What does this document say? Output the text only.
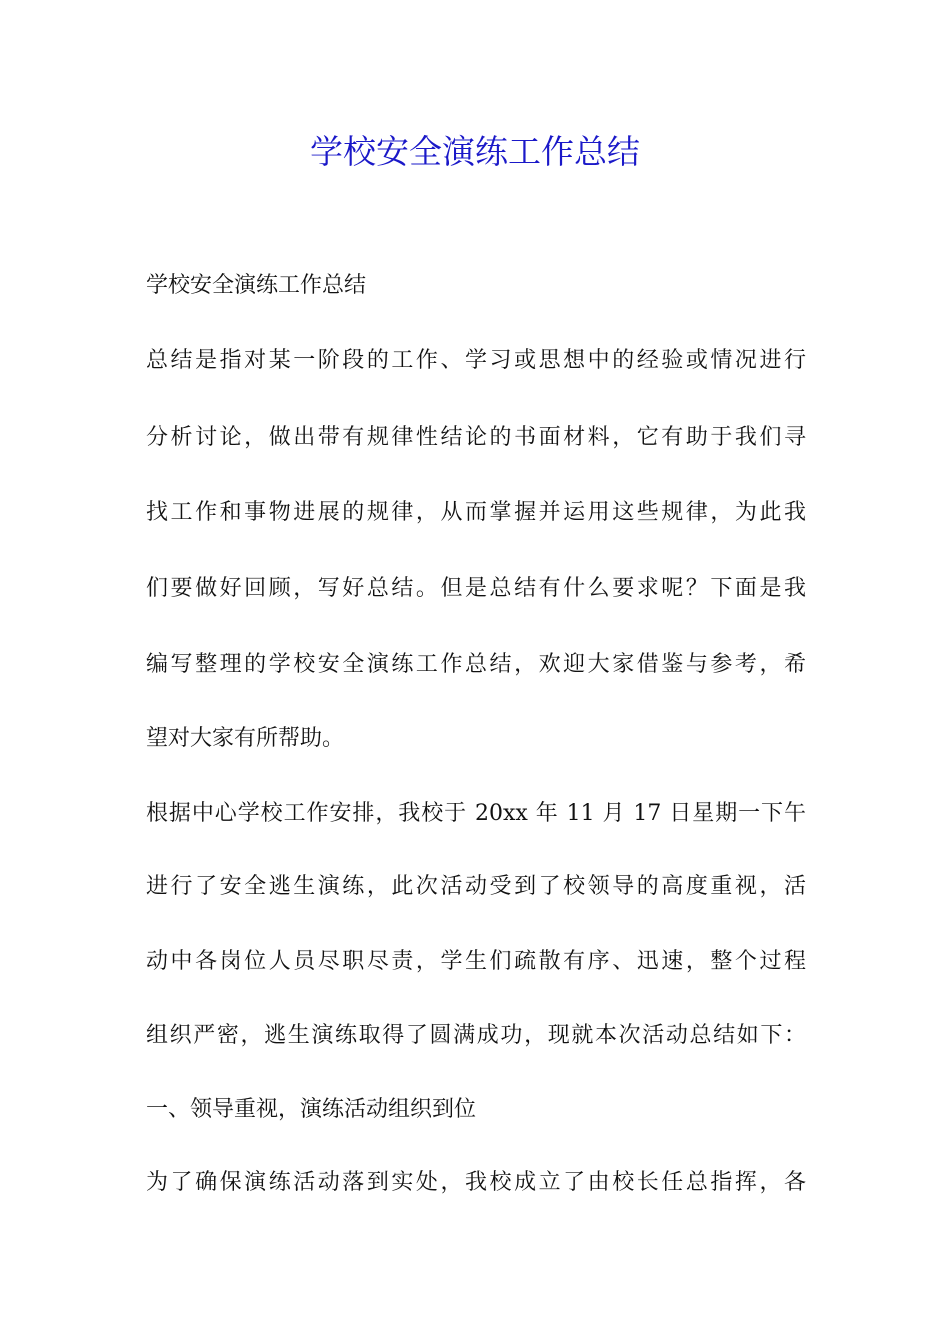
学校安全演练工作总结

学校安全演练工作总结

总结是指对某一阶段的工作、学习或思想中的经验或情况进行

分析讨论，做出带有规律性结论的书面材料，它有助于我们寻

找工作和事物进展的规律，从而掌握并运用这些规律，为此我

们要做好回顾，写好总结。但是总结有什么要求呢？下面是我

编写整理的学校安全演练工作总结，欢迎大家借鉴与参考，希

望对大家有所帮助。

根据中心学校工作安排，我校于 20xx 年 11 月 17 日星期一下午

进行了安全逃生演练，此次活动受到了校领导的高度重视，活

动中各岗位人员尽职尽责，学生们疏散有序、迅速，整个过程

组织严密，逃生演练取得了圆满成功，现就本次活动总结如下：

一、领导重视，演练活动组织到位

为了确保演练活动落到实处，我校成立了由校长任总指挥，各
